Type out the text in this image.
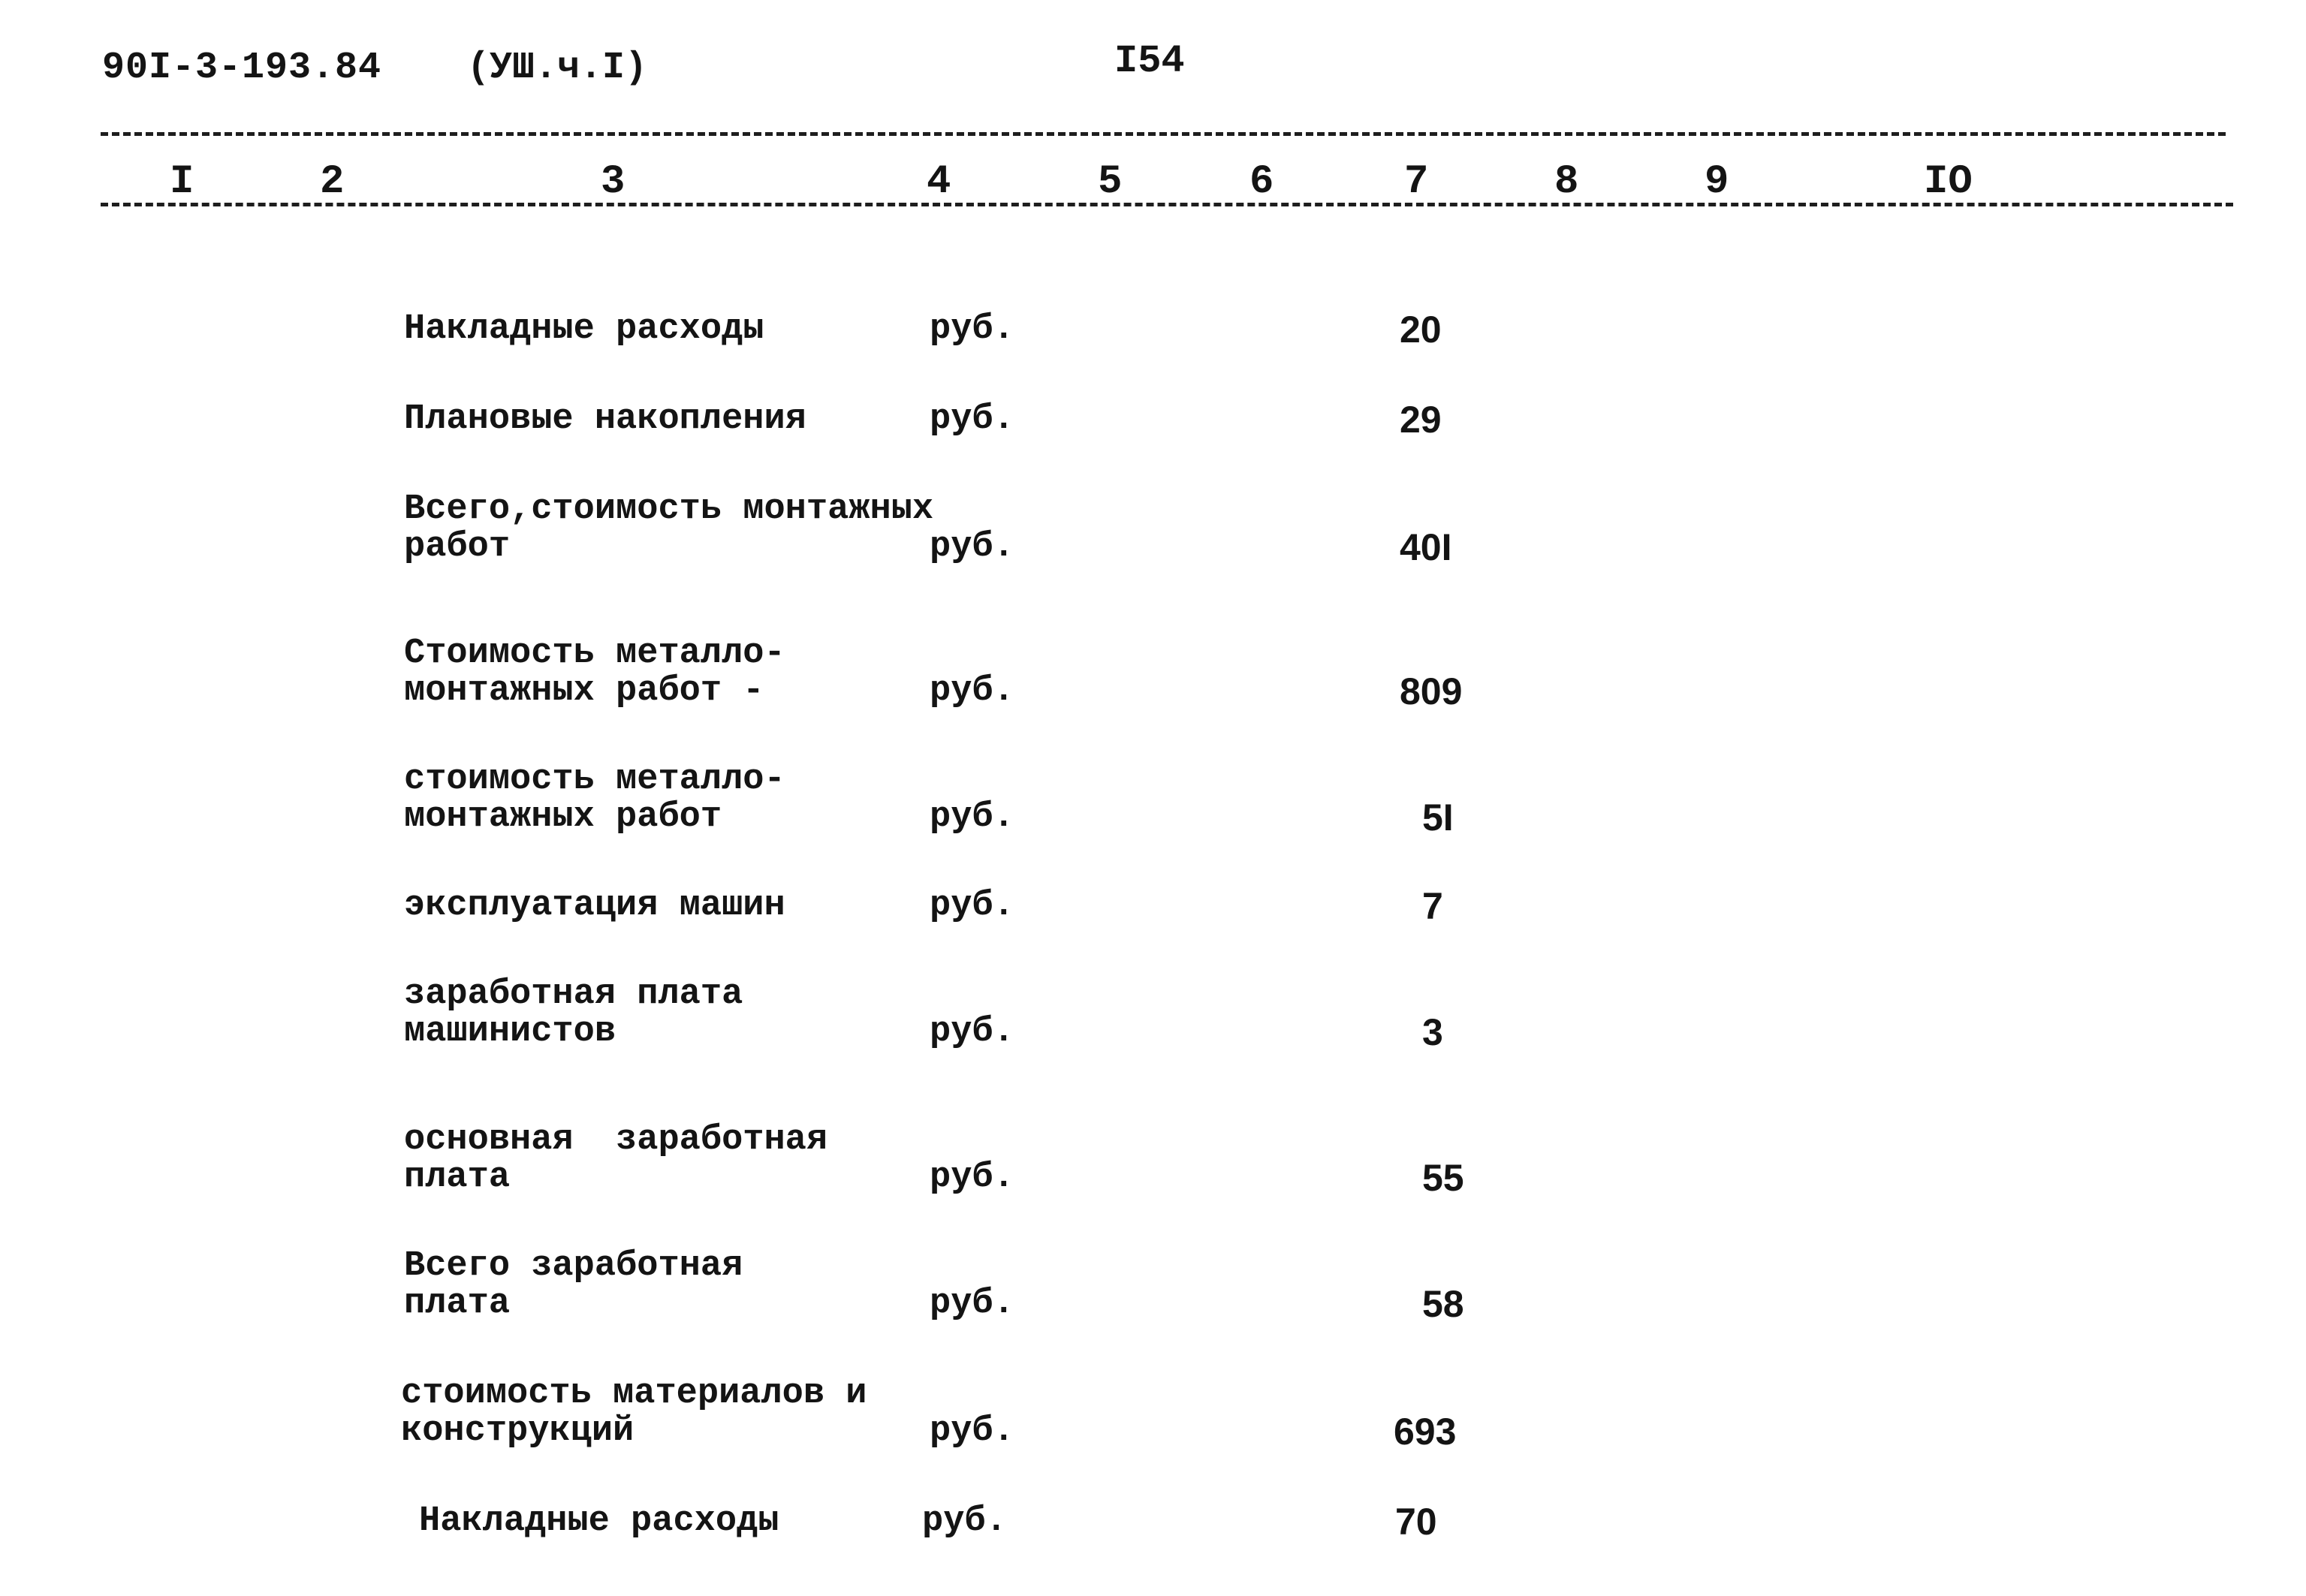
90I-3-193.84 (УШ.ч.I)	I54
I	2	3	4	5	6	7	8	9	IO
Накладные расходы	руб.	20
Плановые накопления	руб.	29
Всего,стоимость монтажных
работ	руб.	40I
Стоимость металло-
монтажных работ -	руб.	809
стоимость металло-
монтажных работ	руб.	5I
эксплуатация машин	руб.	7
заработная плата
машинистов	руб.	3
основная  заработная
плата	руб.	55
Всего заработная
плата	руб.	58
стоимость материалов и
конструкций	руб.	693
Накладные расходы	руб.	70
